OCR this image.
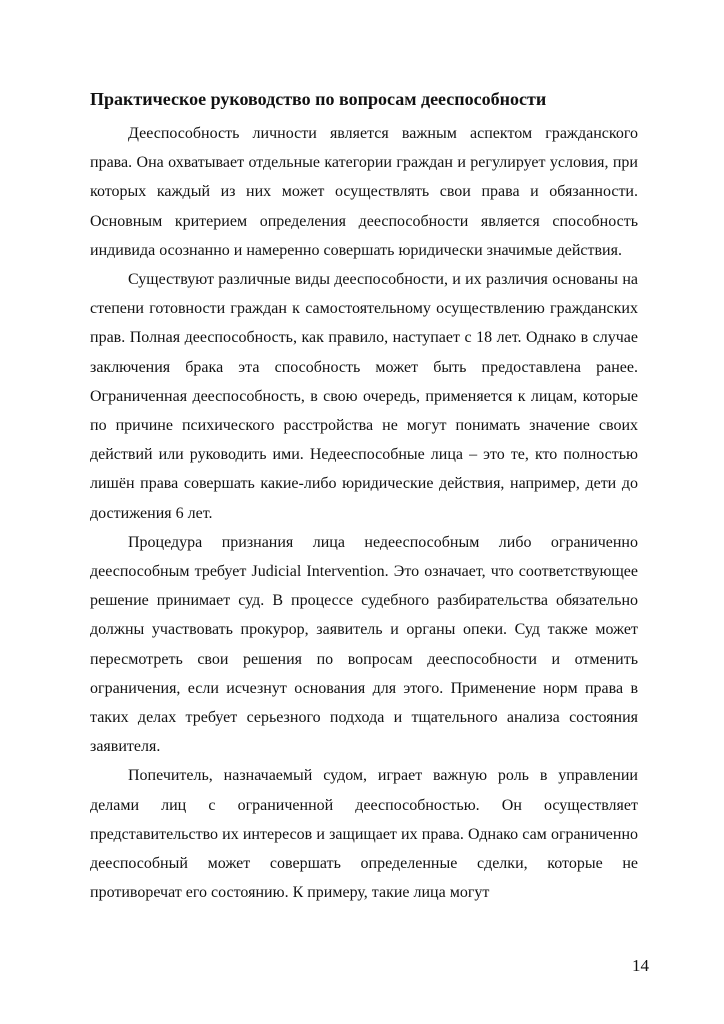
Практическое руководство по вопросам дееспособности

Дееспособность личности является важным аспектом гражданского права. Она охватывает отдельные категории граждан и регулирует условия, при которых каждый из них может осуществлять свои права и обязанности. Основным критерием определения дееспособности является способность индивида осознанно и намеренно совершать юридически значимые действия.

Существуют различные виды дееспособности, и их различия основаны на степени готовности граждан к самостоятельному осуществлению гражданских прав. Полная дееспособность, как правило, наступает с 18 лет. Однако в случае заключения брака эта способность может быть предоставлена ранее. Ограниченная дееспособность, в свою очередь, применяется к лицам, которые по причине психического расстройства не могут понимать значение своих действий или руководить ими. Недееспособные лица – это те, кто полностью лишён права совершать какие-либо юридические действия, например, дети до достижения 6 лет.

Процедура признания лица недееспособным либо ограниченно дееспособным требует Judicial Intervention. Это означает, что соответствующее решение принимает суд. В процессе судебного разбирательства обязательно должны участвовать прокурор, заявитель и органы опеки. Суд также может пересмотреть свои решения по вопросам дееспособности и отменить ограничения, если исчезнут основания для этого. Применение норм права в таких делах требует серьезного подхода и тщательного анализа состояния заявителя.

Попечитель, назначаемый судом, играет важную роль в управлении делами лиц с ограниченной дееспособностью. Он осуществляет представительство их интересов и защищает их права. Однако сам ограниченно дееспособный может совершать определенные сделки, которые не противоречат его состоянию. К примеру, такие лица могут

14
